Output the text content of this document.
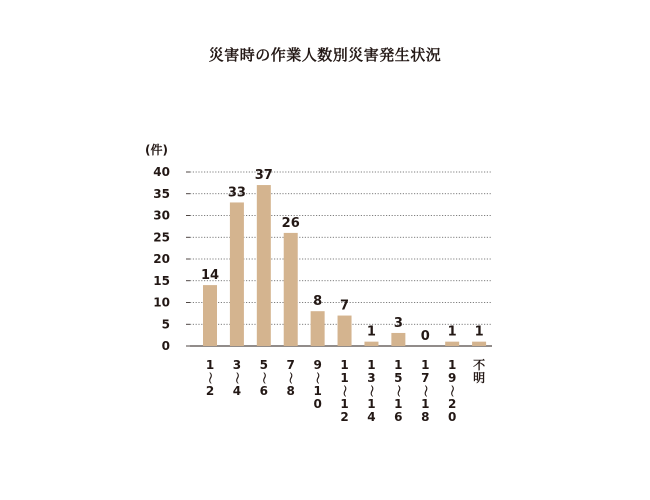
災害時の作業人数別災害発生状況
(件)
0
5
10
15
20
25
30
35
40
14
33
37
26
8 7
1
3
0 1 1
1
〜
2
3
〜
4
5
〜
6
7
〜
8
9
〜
1
0
1
1
〜
1
2
1
3
〜
1
4
1
5
〜
1
6
1
7
〜
1
8
1
9
〜
2
0
不
明
